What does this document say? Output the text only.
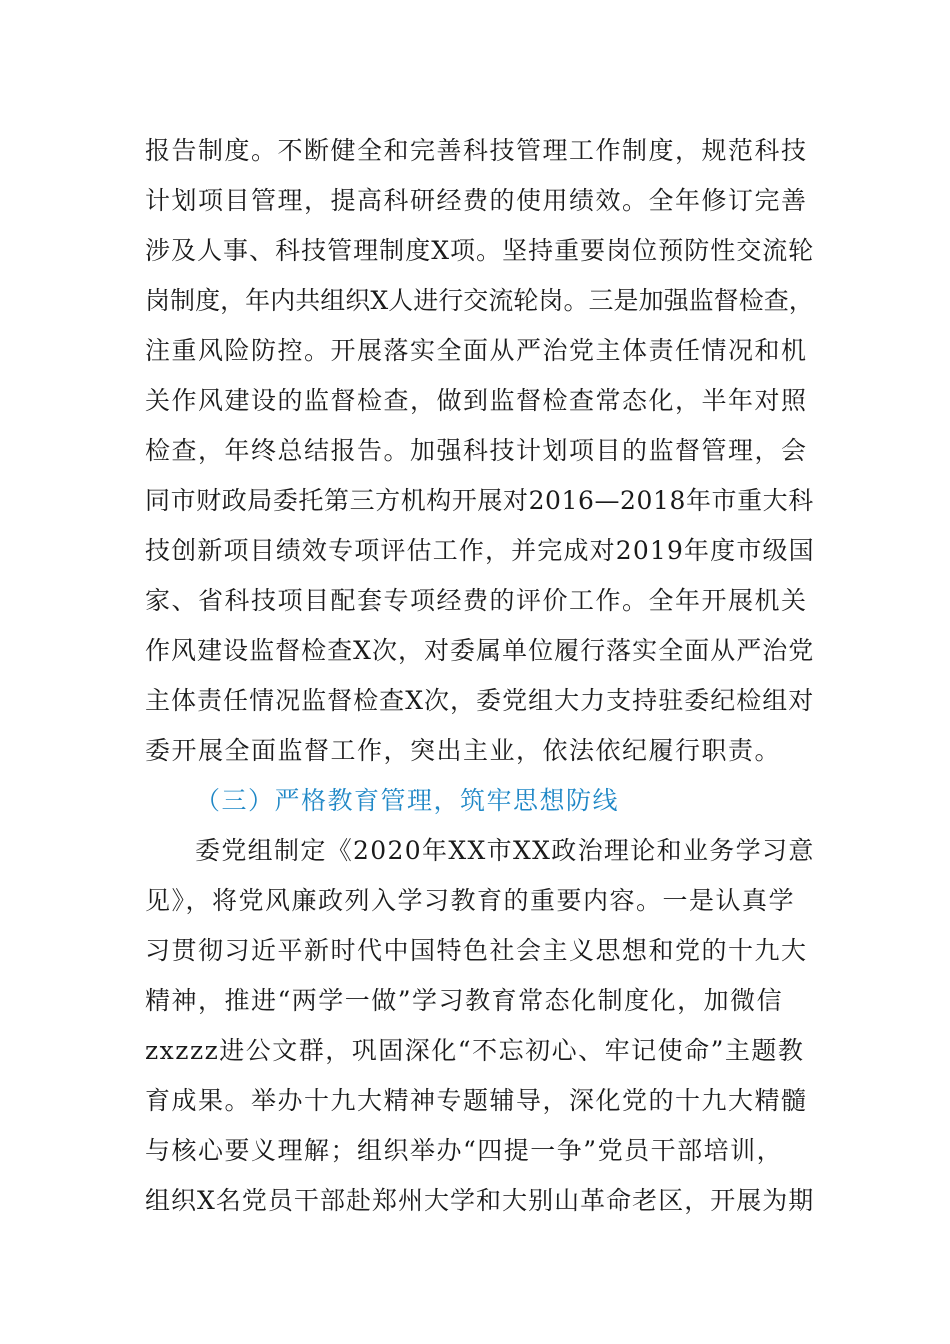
报告制度。不断健全和完善科技管理工作制度，规范科技
计划项目管理，提高科研经费的使用绩效。全年修订完善
涉及人事、科技管理制度X项。坚持重要岗位预防性交流轮
岗制度，年内共组织X人进行交流轮岗。三是加强监督检查，
注重风险防控。开展落实全面从严治党主体责任情况和机
关作风建设的监督检查，做到监督检查常态化，半年对照
检查，年终总结报告。加强科技计划项目的监督管理，会
同市财政局委托第三方机构开展对2016—2018年市重大科
技创新项目绩效专项评估工作，并完成对2019年度市级国
家、省科技项目配套专项经费的评价工作。全年开展机关
作风建设监督检查X次，对委属单位履行落实全面从严治党
主体责任情况监督检查X次，委党组大力支持驻委纪检组对
委开展全面监督工作，突出主业，依法依纪履行职责。
（三）严格教育管理，筑牢思想防线
委党组制定《2020年XX市XX政治理论和业务学习意
见》，将党风廉政列入学习教育的重要内容。一是认真学
习贯彻习近平新时代中国特色社会主义思想和党的十九大
精神，推进“两学一做”学习教育常态化制度化，加微信
zxzzz进公文群，巩固深化“不忘初心、牢记使命”主题教
育成果。举办十九大精神专题辅导，深化党的十九大精髓
与核心要义理解；组织举办“四提一争”党员干部培训，
组织X名党员干部赴郑州大学和大别山革命老区，开展为期
